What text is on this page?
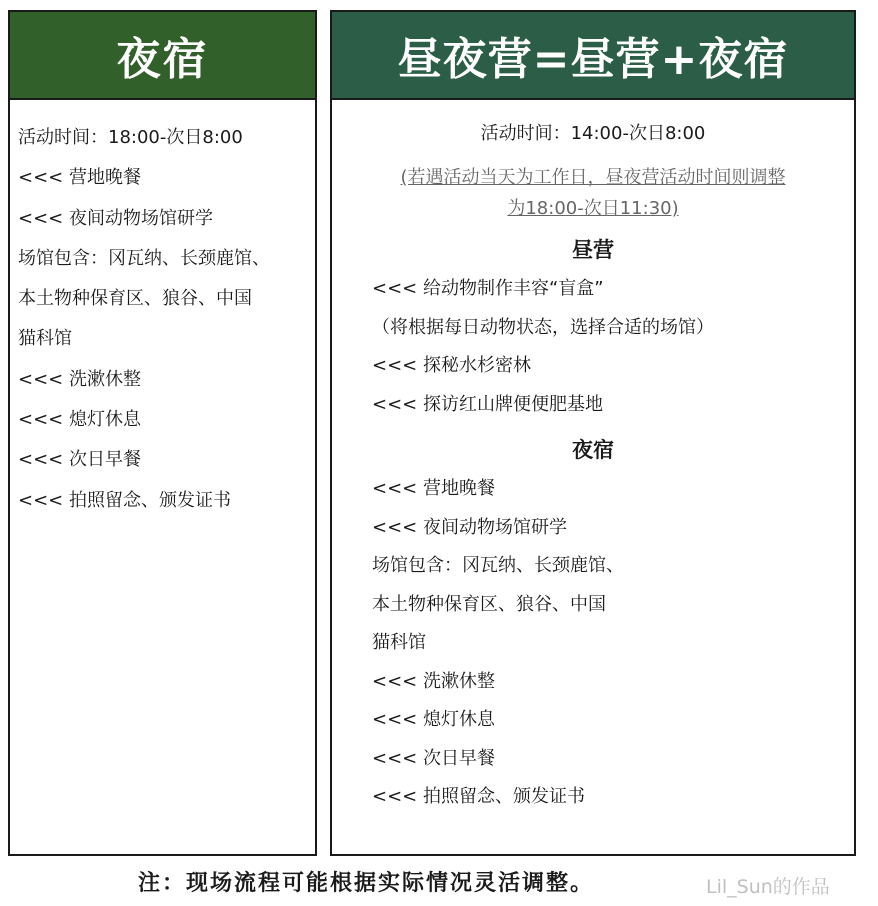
夜宿
活动时间：18:00-次日8:00
<<< 营地晚餐
<<< 夜间动物场馆研学
场馆包含：冈瓦纳、长颈鹿馆、
本土物种保育区、狼谷、中国
猫科馆
<<< 洗漱休整
<<< 熄灯休息
<<< 次日早餐
<<< 拍照留念、颁发证书
昼夜营=昼营+夜宿
活动时间：14:00-次日8:00
(若遇活动当天为工作日，昼夜营活动时间则调整
为18:00-次日11:30)
昼营
<<< 给动物制作丰容“盲盒”
（将根据每日动物状态，选择合适的场馆）
<<< 探秘水杉密林
<<< 探访红山牌便便肥基地
夜宿
<<< 营地晚餐
<<< 夜间动物场馆研学
场馆包含：冈瓦纳、长颈鹿馆、
本土物种保育区、狼谷、中国
猫科馆
<<< 洗漱休整
<<< 熄灯休息
<<< 次日早餐
<<< 拍照留念、颁发证书
注：现场流程可能根据实际情况灵活调整。	Lil_Sun的作品
